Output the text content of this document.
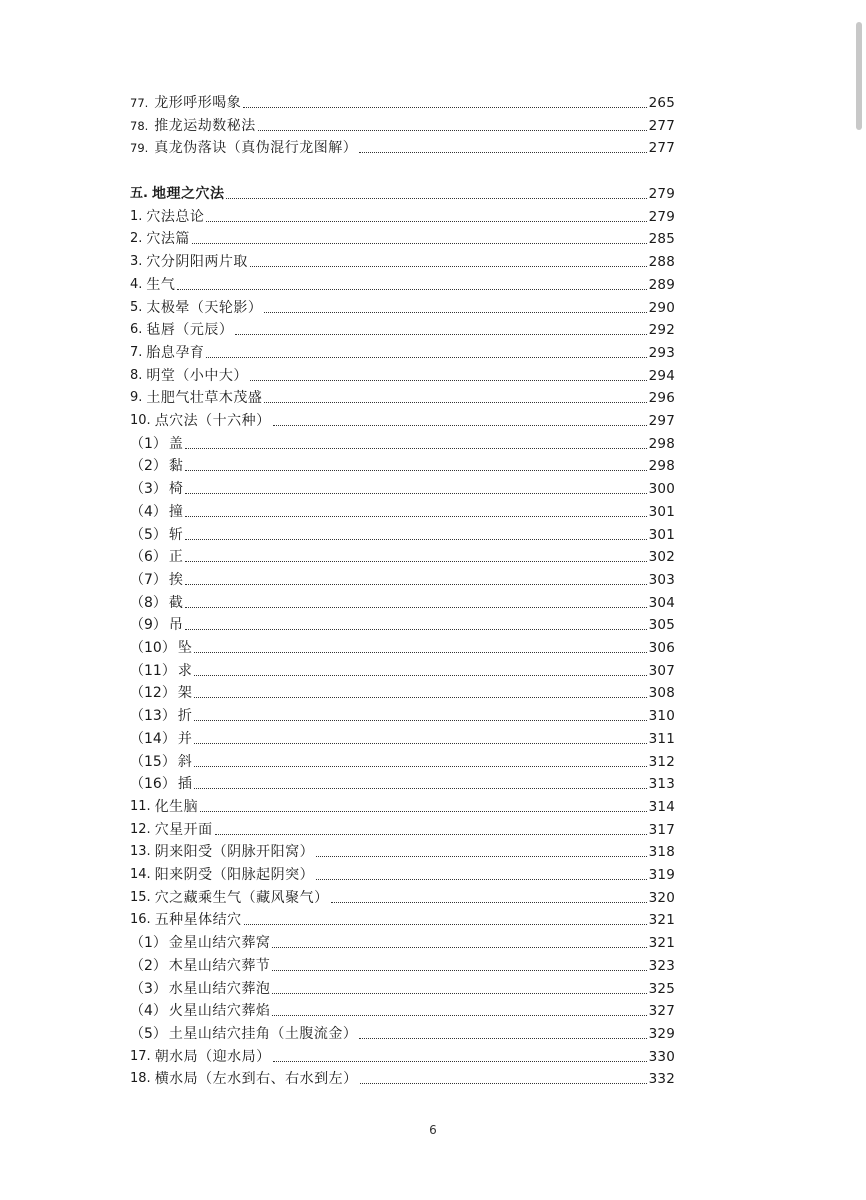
77. 龙形呼形喝象	265
78. 推龙运劫数秘法	277
79. 真龙伪落诀（真伪混行龙图解）	277
五. 地理之穴法	279
1. 穴法总论	279
2. 穴法篇	285
3. 穴分阴阳两片取	288
4. 生气	289
5. 太极晕（天轮影）	290
6. 毡唇（元辰）	292
7. 胎息孕育	293
8. 明堂（小中大）	294
9. 土肥气壮草木茂盛	296
10. 点穴法（十六种）	297
（1） 盖	298
（2） 黏	298
（3） 椅	300
（4） 撞	301
（5） 斩	301
（6） 正	302
（7） 挨	303
（8） 截	304
（9） 吊	305
（10） 坠	306
（11） 求	307
（12） 架	308
（13） 折	310
（14） 并	311
（15） 斜	312
（16） 插	313
11. 化生脑	314
12. 穴星开面	317
13. 阴来阳受（阴脉开阳窝）	318
14. 阳来阴受（阳脉起阴突）	319
15. 穴之藏乘生气（藏风聚气）	320
16. 五种星体结穴	321
（1） 金星山结穴葬窝	321
（2） 木星山结穴葬节	323
（3） 水星山结穴葬泡	325
（4） 火星山结穴葬焰	327
（5） 土星山结穴挂角（土腹流金）	329
17. 朝水局（迎水局）	330
18. 横水局（左水到右、右水到左）	332
6
